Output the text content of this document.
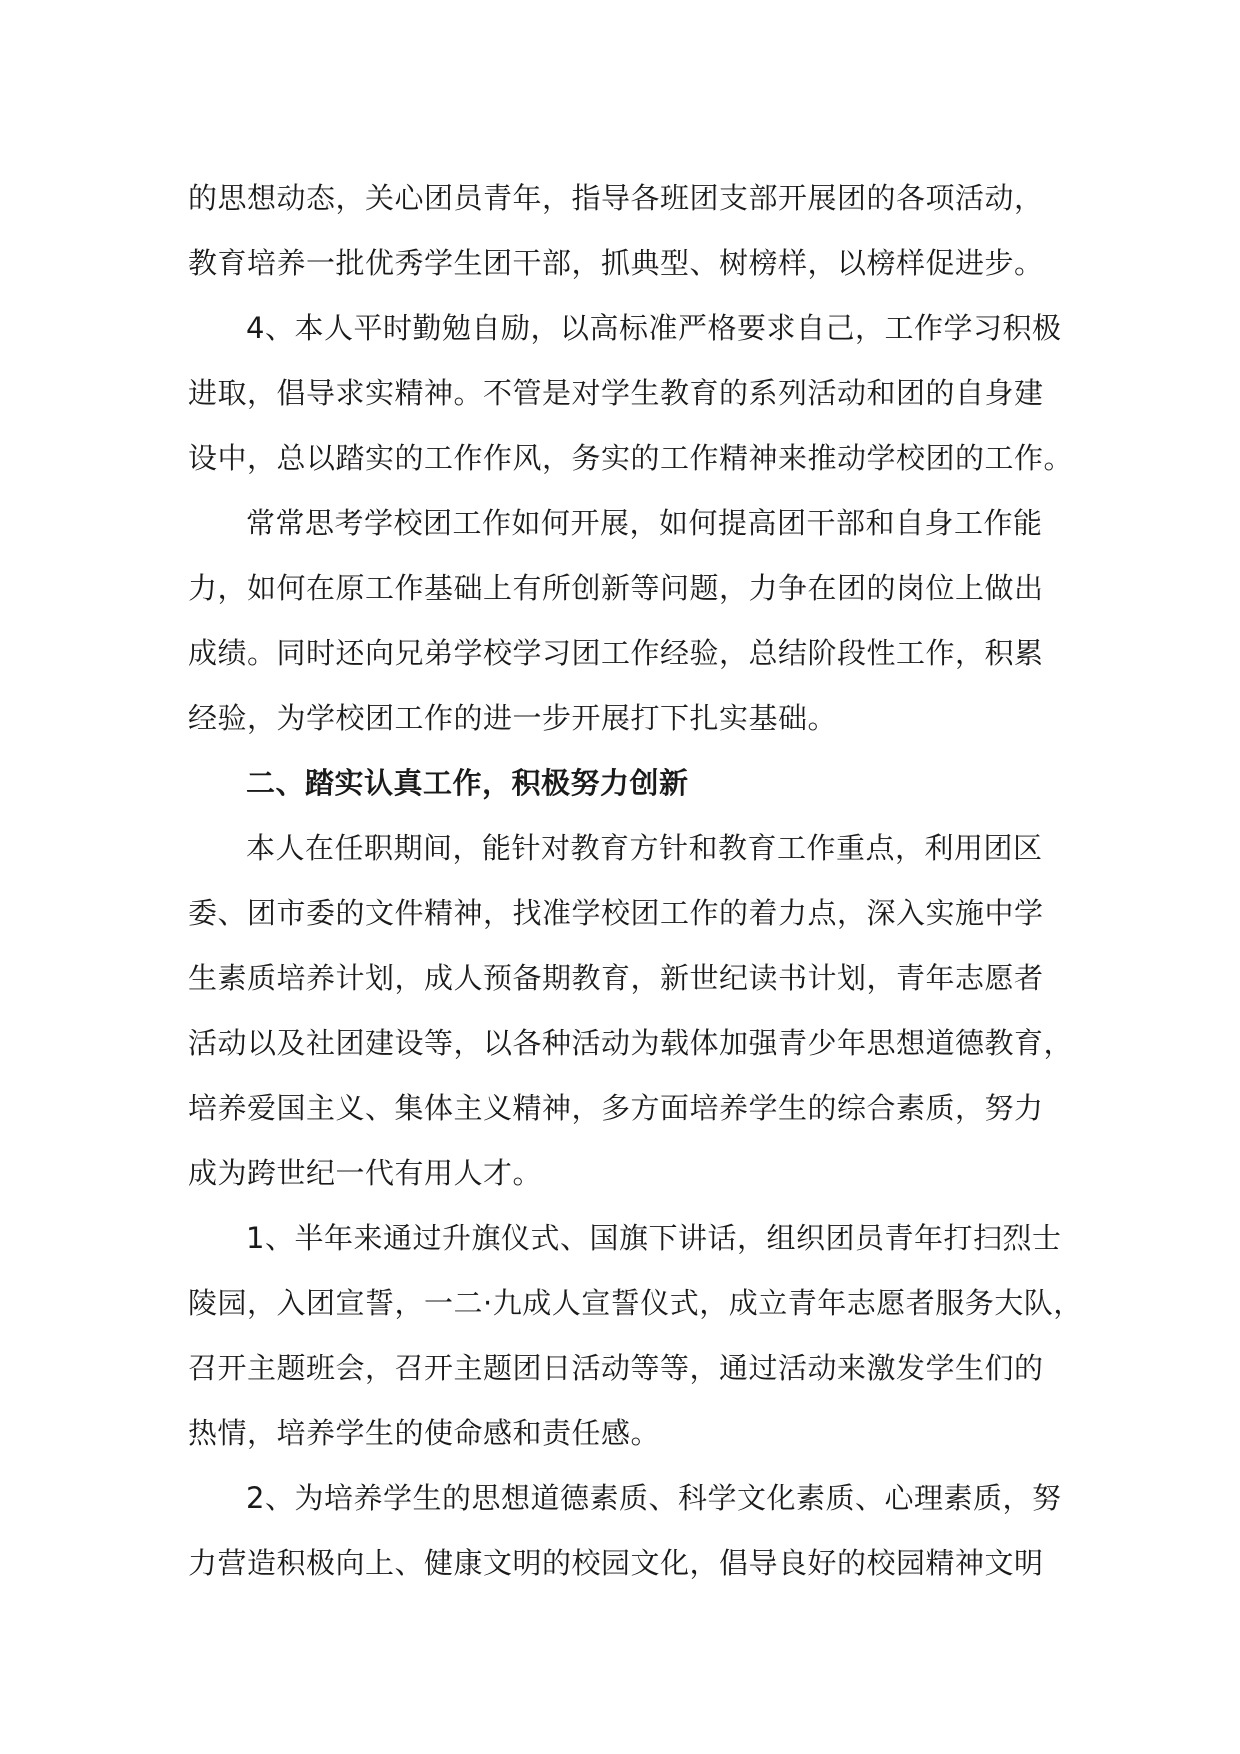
的思想动态，关心团员青年，指导各班团支部开展团的各项活动，
教育培养一批优秀学生团干部，抓典型、树榜样，以榜样促进步。

4、本人平时勤勉自励，以高标准严格要求自己，工作学习积极
进取，倡导求实精神。不管是对学生教育的系列活动和团的自身建
设中，总以踏实的工作作风，务实的工作精神来推动学校团的工作。

常常思考学校团工作如何开展，如何提高团干部和自身工作能
力，如何在原工作基础上有所创新等问题，力争在团的岗位上做出
成绩。同时还向兄弟学校学习团工作经验，总结阶段性工作，积累
经验，为学校团工作的进一步开展打下扎实基础。

二、踏实认真工作，积极努力创新

本人在任职期间，能针对教育方针和教育工作重点，利用团区
委、团市委的文件精神，找准学校团工作的着力点，深入实施中学
生素质培养计划，成人预备期教育，新世纪读书计划，青年志愿者
活动以及社团建设等，以各种活动为载体加强青少年思想道德教育，
培养爱国主义、集体主义精神，多方面培养学生的综合素质，努力
成为跨世纪一代有用人才。

1、半年来通过升旗仪式、国旗下讲话，组织团员青年打扫烈士
陵园，入团宣誓，一二·九成人宣誓仪式，成立青年志愿者服务大队，
召开主题班会，召开主题团日活动等等，通过活动来激发学生们的
热情，培养学生的使命感和责任感。

2、为培养学生的思想道德素质、科学文化素质、心理素质，努
力营造积极向上、健康文明的校园文化，倡导良好的校园精神文明
